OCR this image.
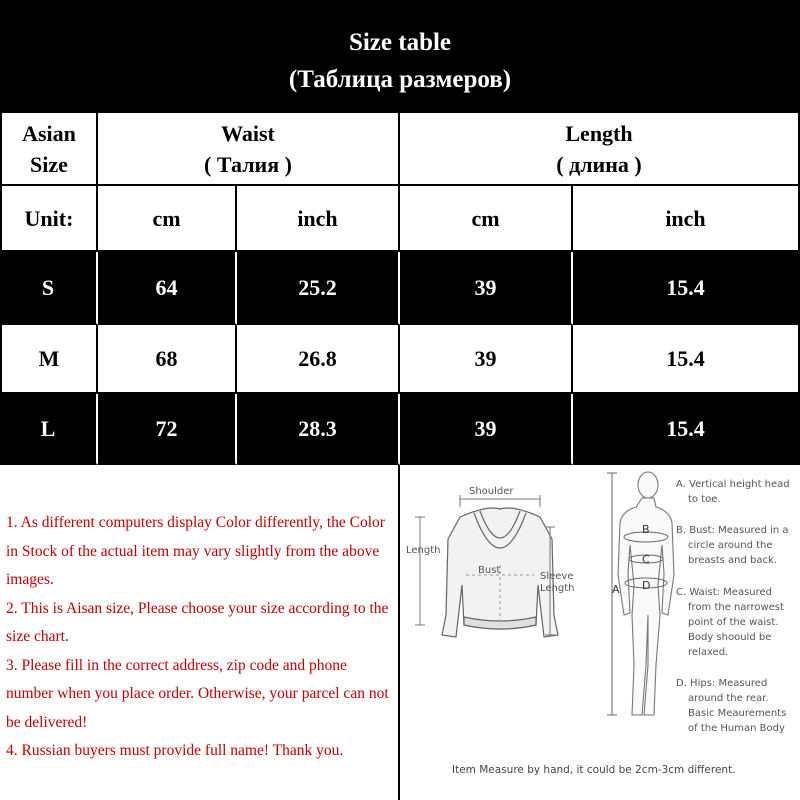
Size table
(Таблица размеров)
Asian
Size
Waist
( Талия )
Length
( длина )
Unit:	cm	inch	cm	inch
S	64	25.2	39	15.4
M	68	26.8	39	15.4
L	72	28.3	39	15.4

1. As different computers display Color differently, the Color in Stock of the actual item may vary slightly from the above images.

2. This is Aisan size, Please choose your size according to the size chart.

3. Please fill in the correct address, zip code and phone number when you place order. Otherwise, your parcel can not be delivered!

4. Russian buyers must provide full name! Thank you.

Shoulder
Length
Bust
Sleeve
Length	A
B
C
D
A. Vertical height head
to toe.
B. Bust: Measured in a
circle around the
breasts and back.
C. Waist: Measured
from the narrowest
point of the waist.
Body shoould be
relaxed.
D. Hips: Measured
around the rear.
Basic Meaurements
of the Human Body
Item Measure by hand, it could be 2cm-3cm different.
